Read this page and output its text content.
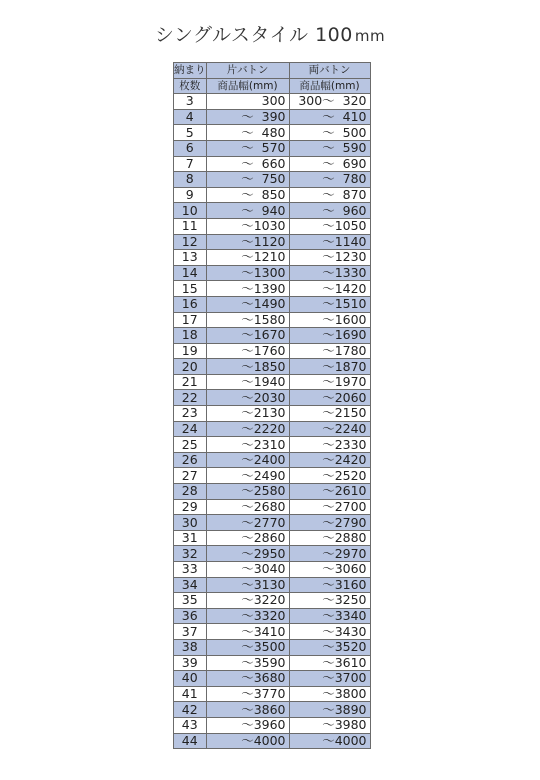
シングルスタイル 100 mm
納まり	片バトン	両バトン
枚数	商品幅(mm)	商品幅(mm)
3	300	300〜  320
4	〜  390	〜  410
5	〜  480	〜  500
6	〜  570	〜  590
7	〜  660	〜  690
8	〜  750	〜  780
9	〜  850	〜  870
10	〜  940	〜  960
11	〜1030	〜1050
12	〜1120	〜1140
13	〜1210	〜1230
14	〜1300	〜1330
15	〜1390	〜1420
16	〜1490	〜1510
17	〜1580	〜1600
18	〜1670	〜1690
19	〜1760	〜1780
20	〜1850	〜1870
21	〜1940	〜1970
22	〜2030	〜2060
23	〜2130	〜2150
24	〜2220	〜2240
25	〜2310	〜2330
26	〜2400	〜2420
27	〜2490	〜2520
28	〜2580	〜2610
29	〜2680	〜2700
30	〜2770	〜2790
31	〜2860	〜2880
32	〜2950	〜2970
33	〜3040	〜3060
34	〜3130	〜3160
35	〜3220	〜3250
36	〜3320	〜3340
37	〜3410	〜3430
38	〜3500	〜3520
39	〜3590	〜3610
40	〜3680	〜3700
41	〜3770	〜3800
42	〜3860	〜3890
43	〜3960	〜3980
44	〜4000	〜4000
